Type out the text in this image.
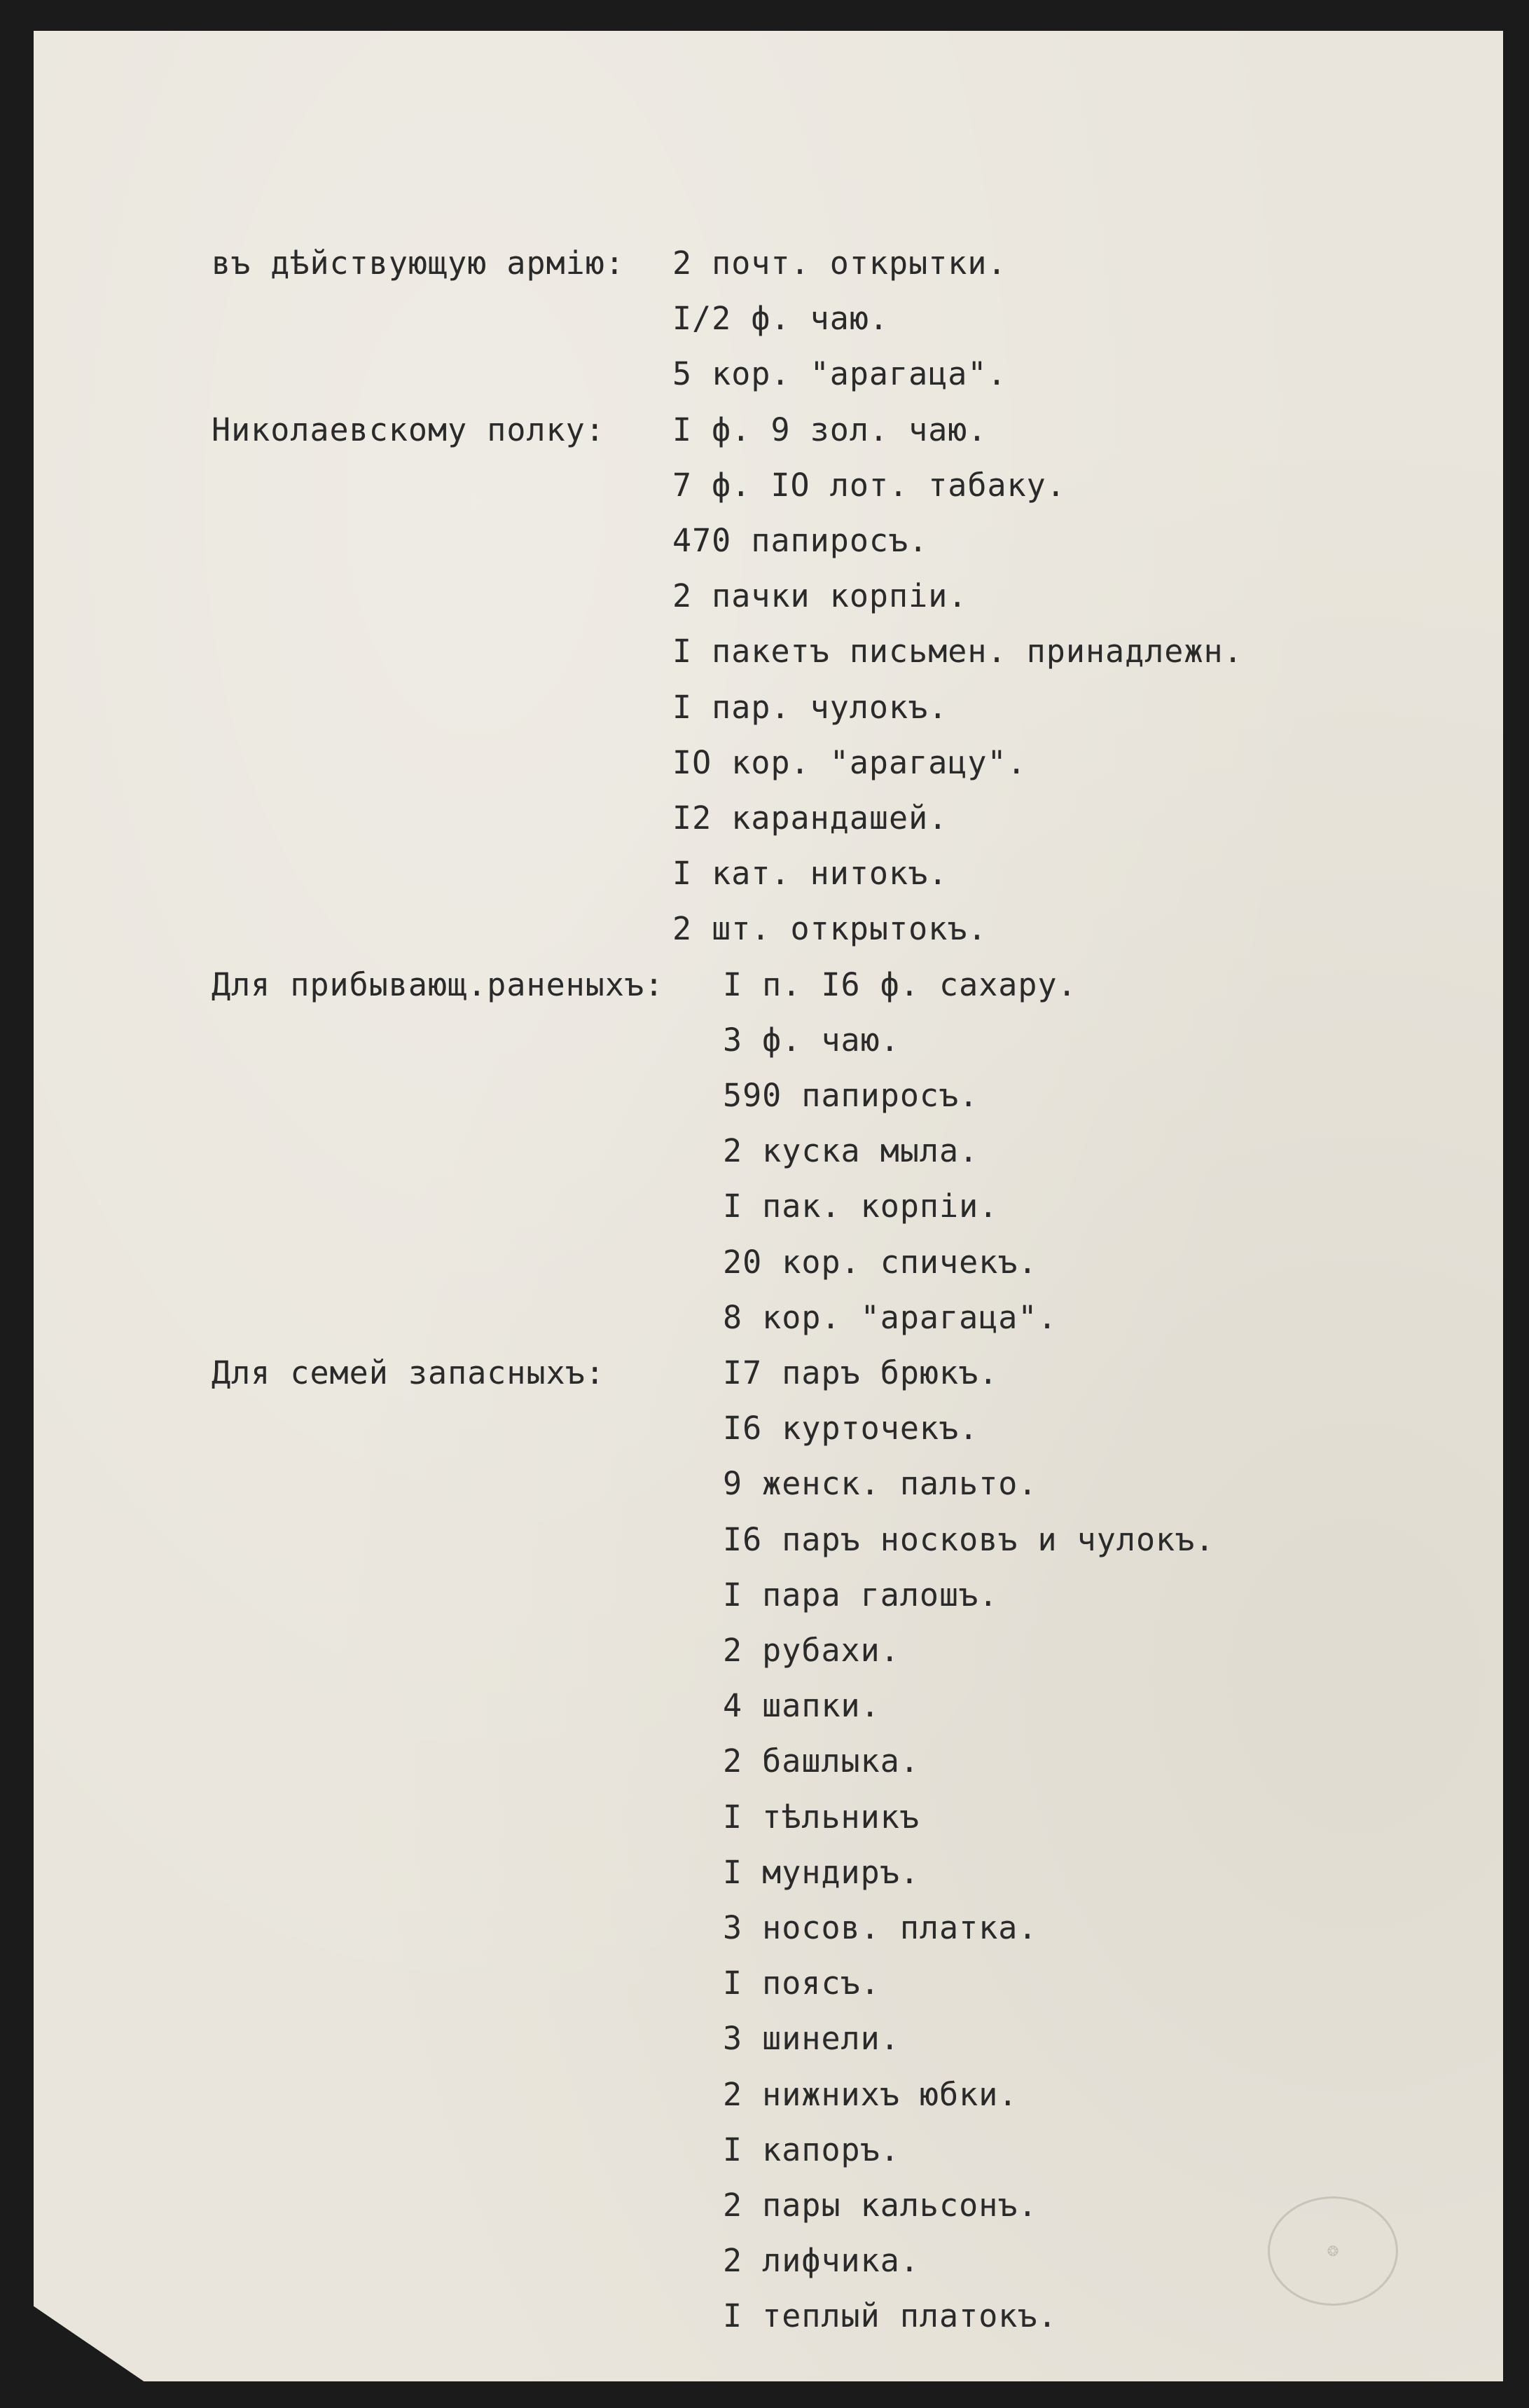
въ дѣйствующую армію: 2 почт. открытки.
I/2 ф. чаю.
5 кор. "арагаца".
Николаевскому полку: I ф. 9 зол. чаю.
7 ф. IO лот. табаку.
470 папиросъ.
2 пачки корпіи.
I пакетъ письмен. принадлежн.
I пар. чулокъ.
IO кор. "арагацу".
I2 карандашей.
I кат. нитокъ.
2 шт. открытокъ.
Для прибывающ.раненыхъ: I п. I6 ф. сахару.
3 ф. чаю.
590 папиросъ.
2 куска мыла.
I пак. корпіи.
20 кор. спичекъ.
8 кор. "арагаца".
Для семей запасныхъ:	I7 паръ брюкъ.
I6 курточекъ.
9 женск. пальто.
I6 паръ носковъ и чулокъ.
I пара галошъ.
2 рубахи.
4 шапки.
2 башлыка.
I тѣльникъ
I мундиръ.
3 носов. платка.
I поясъ.
3 шинели.
2 нижнихъ юбки.
I капоръ.
2 пары кальсонъ.
2 лифчика.
I теплый платокъ.
❂
